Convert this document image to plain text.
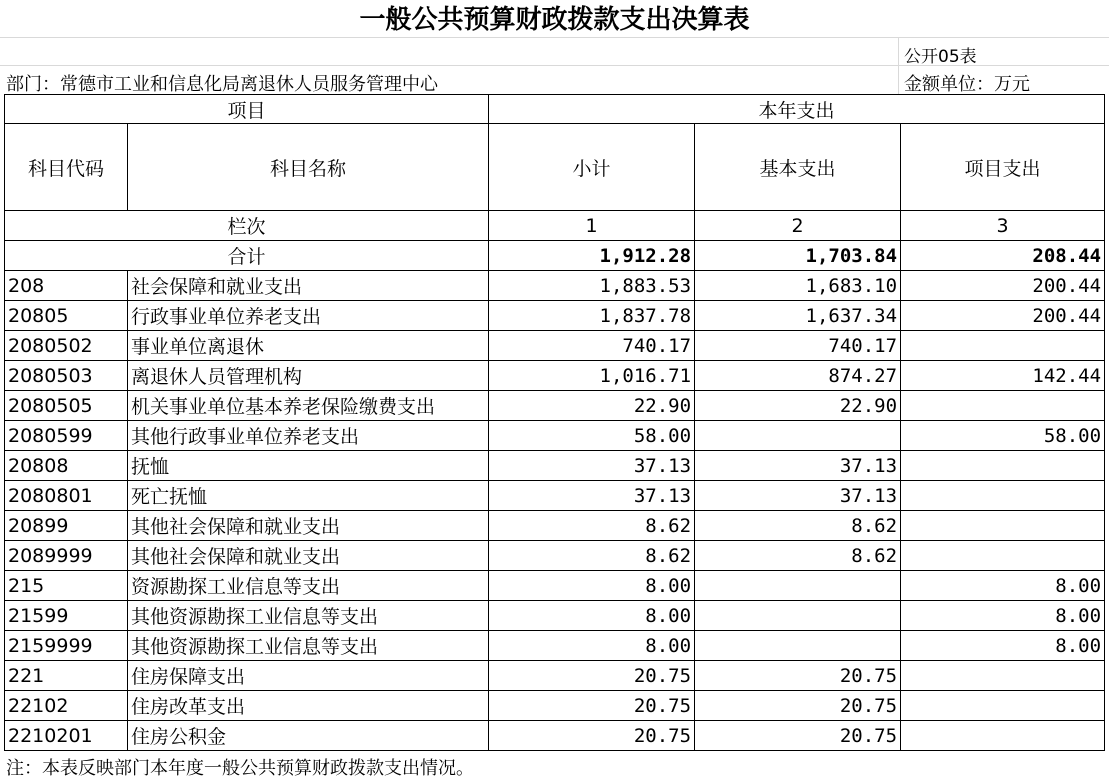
一般公共预算财政拨款支出决算表
公开05表
部门：常德市工业和信息化局离退休人员服务管理中心	金额单位：万元
项目		本年支出		
科目代码	科目名称	小计	基本支出	项目支出
栏次		1	2	3
合计		1,912.28	1,703.84	208.44
208	社会保障和就业支出	1,883.53	1,683.10	200.44
20805	行政事业单位养老支出	1,837.78	1,637.34	200.44
2080502	事业单位离退休	740.17	740.17	
2080503	离退休人员管理机构	1,016.71	874.27	142.44
2080505	机关事业单位基本养老保险缴费支出	22.90	22.90	
2080599	其他行政事业单位养老支出	58.00		58.00
20808	抚恤	37.13	37.13	
2080801	死亡抚恤	37.13	37.13	
20899	其他社会保障和就业支出	8.62	8.62	
2089999	其他社会保障和就业支出	8.62	8.62	
215	资源勘探工业信息等支出	8.00		8.00
21599	其他资源勘探工业信息等支出	8.00		8.00
2159999	其他资源勘探工业信息等支出	8.00		8.00
221	住房保障支出	20.75	20.75	
22102	住房改革支出	20.75	20.75	
2210201	住房公积金	20.75	20.75	
注：本表反映部门本年度一般公共预算财政拨款支出情况。
